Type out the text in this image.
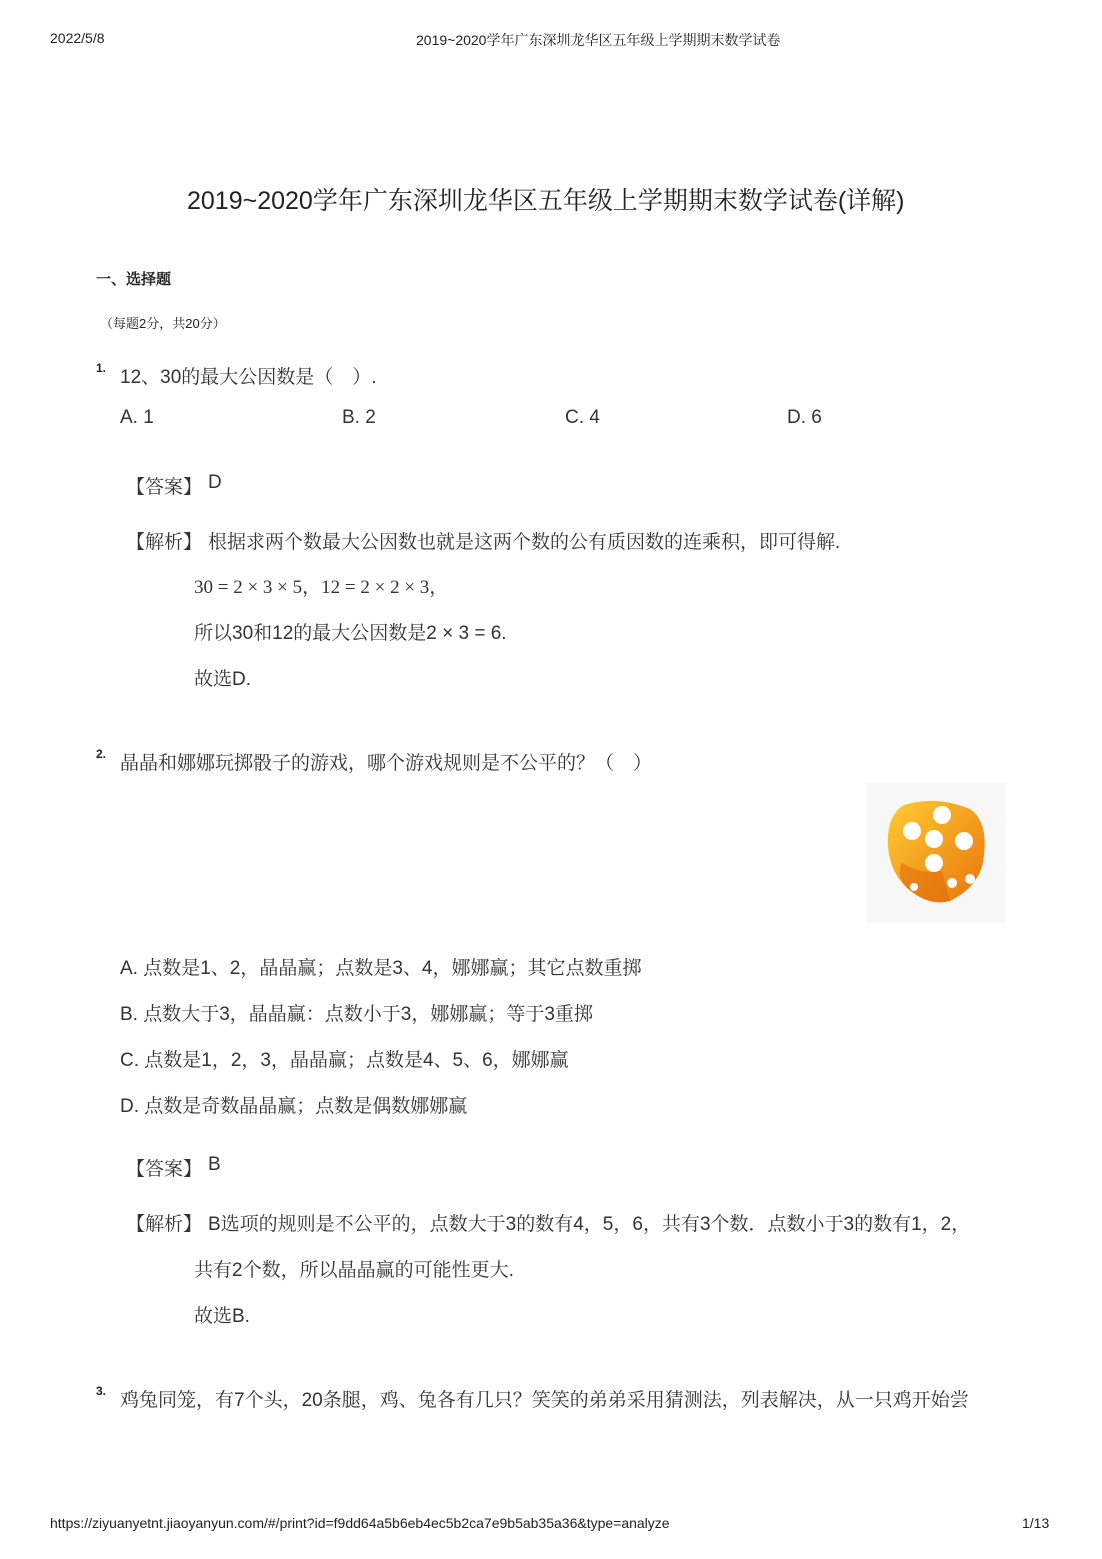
2022/5/8	2019~2020学年广东深圳龙华区五年级上学期期末数学试卷
2019~2020学年广东深圳龙华区五年级上学期期末数学试卷(详解)
一、选择题
（每题2分，共20分）
1. 12、30的最大公因数是（　）.
A. 1	B. 2	C. 4	D. 6
【答案】 D
【解析】 根据求两个数最大公因数也就是这两个数的公有质因数的连乘积，即可得解.
30 = 2 × 3 × 5，12 = 2 × 2 × 3，
所以30和12的最大公因数是2 × 3 = 6.
故选D.
2. 晶晶和娜娜玩掷骰子的游戏，哪个游戏规则是不公平的？（　）
A. 点数是1、2，晶晶赢；点数是3、4，娜娜赢；其它点数重掷
B. 点数大于3，晶晶赢：点数小于3，娜娜赢；等于3重掷
C. 点数是1，2，3，晶晶赢；点数是4、5、6，娜娜赢
D. 点数是奇数晶晶赢；点数是偶数娜娜赢
【答案】 B
【解析】 B选项的规则是不公平的，点数大于3的数有4，5，6，共有3个数．点数小于3的数有1，2，
共有2个数，所以晶晶赢的可能性更大.
故选B.
3. 鸡兔同笼，有7个头，20条腿，鸡、兔各有几只？笑笑的弟弟采用猜测法，列表解决，从一只鸡开始尝
https://ziyuanyetnt.jiaoyanyun.com/#/print?id=f9dd64a5b6eb4ec5b2ca7e9b5ab35a36&type=analyze	1/13
